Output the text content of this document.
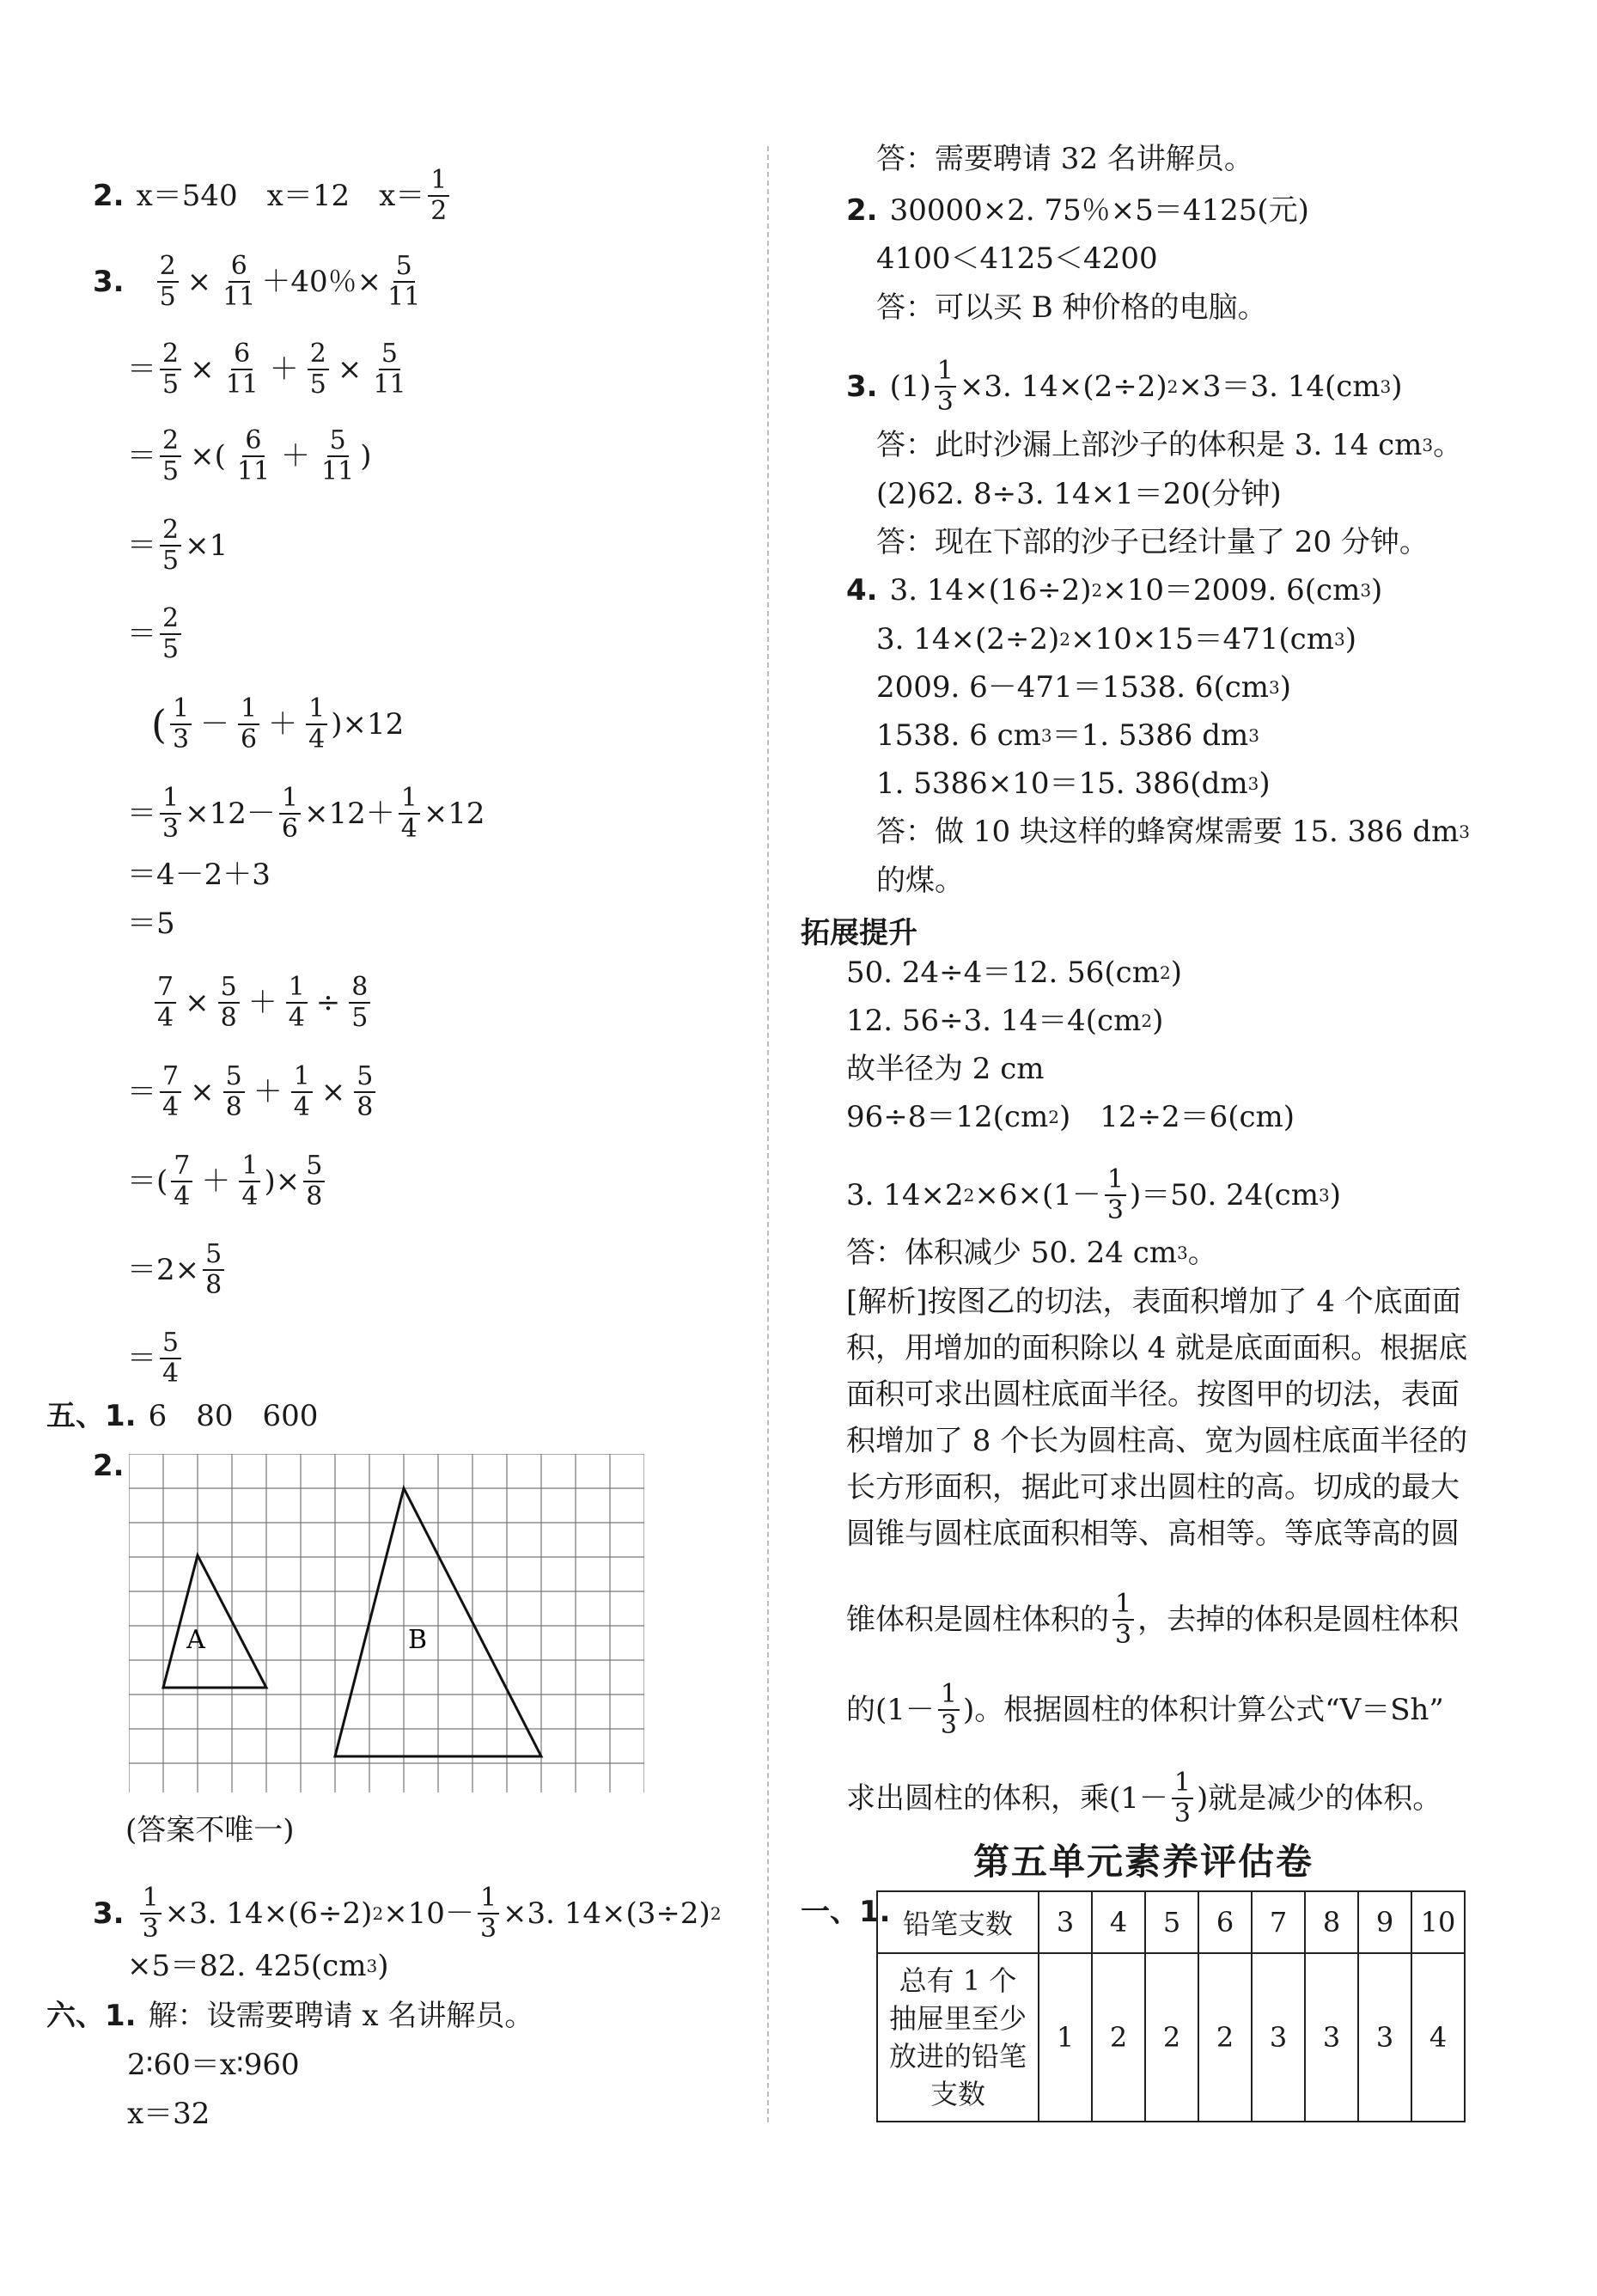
2. x＝540　x＝12　$x= \frac{1}{2}$
3. $\frac{2}{5} \times \frac{6}{11} +40$％× $\frac{5}{11}$
＝ $\frac{2}{5} \times \frac{6}{11} + \frac{2}{5} \times \frac{5}{11}$
＝ $\frac{2}{5}$ ×( $\frac{6}{11} + \frac{5}{11}$ )
＝ $\frac{2}{5} \times 1$
＝ $\frac{2}{5}$
( $\frac{1}{3} - \frac{1}{6} + \frac{1}{4} )\times 12$
＝ $\frac{1}{3} \times 12- \frac{1}{6} \times 12+ \frac{1}{4} \times 12$
＝4－2＋3
＝5
$\frac{7}{4} \times \frac{5}{8} + \frac{1}{4} \div \frac{8}{5}$
＝ $\frac{7}{4} \times \frac{5}{8} + \frac{1}{4} \times \frac{5}{8}$
＝( $\frac{7}{4} + \frac{1}{4}$ )× $\frac{5}{8}$
$=2\times \frac{5}{8}$
＝ $\frac{5}{4}$
五、1. 6　80　600
2.
A	B
(答案不唯一)
3. $\frac{1}{3} \times 3$. 14×(6÷2) $2 \times 10- \frac{1}{3} \times 3$. 14×(3÷2) 2
×5＝82. 425(cm 3 )
六、1. 解：设需要聘请 x 名讲解员。
2∶60＝x∶960
x＝32
答：需要聘请 32 名讲解员。
2. 30000×2. 75％×5＝4125(元)
4100＜4125＜4200
答：可以买 B 种价格的电脑。
3. $(1) \frac{1}{3} \times 3$. 14×(2÷2) 2 ×3＝3. 14(cm 3 )
答：此时沙漏上部沙子的体积是 3. 14 cm 3 。
(2)62. 8÷3. 14×1＝20(分钟)
答：现在下部的沙子已经计量了 20 分钟。
4. 3. 14×(16÷2) 2 ×10＝2009. 6(cm 3 )
3. 14×(2÷2) 2 ×10×15＝471(cm 3 )
2009. 6－471＝1538. 6(cm 3 )
1538. 6 cm 3 ＝1. 5386 dm 3
1. 5386×10＝15. 386(dm 3 )
答：做 10 块这样的蜂窝煤需要 15. 386 dm 3
的煤。
拓展提升
50. 24÷4＝12. 56(cm 2 )
12. 56÷3. 14＝4(cm 2 )
故半径为 2 cm
96÷8＝12(cm 2 )　12÷2＝6(cm)
3. 14×2 $2 \times 6\times(1- \frac{1}{3} )=50$. 24(cm 3 )
答：体积减少 50. 24 cm 3 。
[解析]按图乙的切法，表面积增加了 4 个底面面
积，用增加的面积除以 4 就是底面面积。根据底
面积可求出圆柱底面半径。按图甲的切法，表面
积增加了 8 个长为圆柱高、宽为圆柱底面半径的
长方形面积，据此可求出圆柱的高。切成的最大
圆锥与圆柱底面积相等、高相等。等底等高的圆
锥体积是圆柱体积的 $\frac{1}{3}$ ，去掉的体积是圆柱体积
的($1- \frac{1}{3}$ )。根据圆柱的体积计算公式“V＝Sh”
求出圆柱的体积，乘($1- \frac{1}{3}$ )就是减少的体积。
第五单元素养评估卷
一、1. 铅笔支数	3	4	5	6	7	8	9	10

总有 1 个
抽屉里至少
放进的铅笔
支数	1	2	2	2	3	3	3	4
